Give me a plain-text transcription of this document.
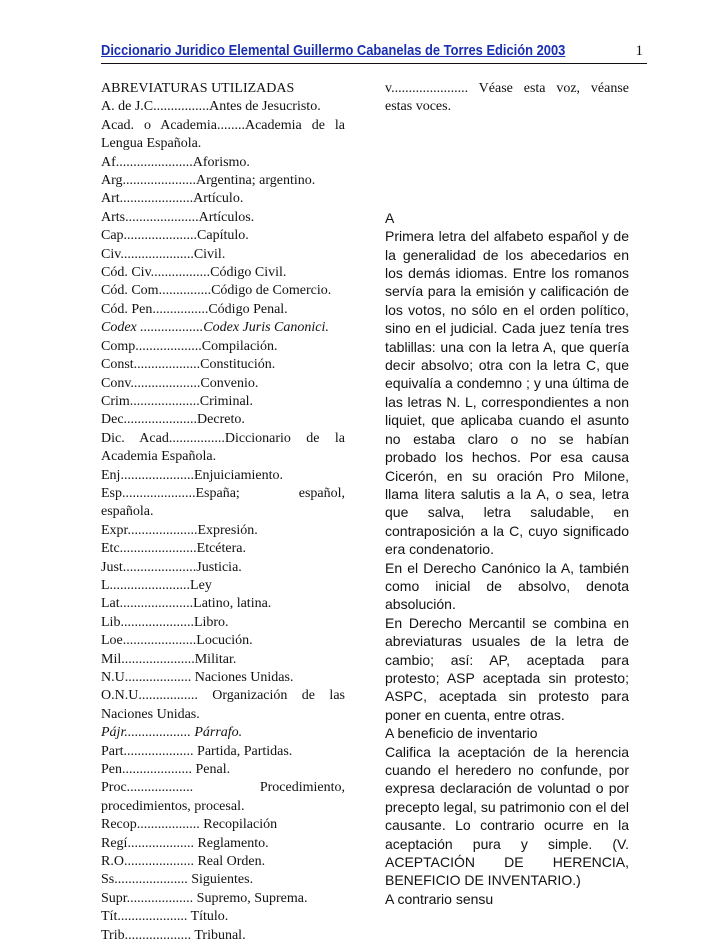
Diccionario Juridico Elemental Guillermo Cabanelas de Torres Edición 2003	1

ABREVIATURAS UTILIZADAS

A. de J.C................Antes de Jesucristo.

Acad. o Academia........Academia de la Lengua Española.

Af......................Aforismo.

Arg.....................Argentina; argentino.

Art.....................Artículo.

Arts.....................Artículos.

Cap.....................Capítulo.

Civ.....................Civil.

Cód. Civ.................Código Civil.

Cód. Com...............Código de Comercio.

Cód. Pen................Código Penal.

Codex ..................Codex Juris Canonici.

Comp...................Compilación.

Const...................Constitución.

Conv....................Convenio.

Crim....................Criminal.

Dec.....................Decreto.

Dic. Acad................Diccionario de la Academia Española.

Enj.....................Enjuiciamiento.

Esp.....................España; español, española.

Expr....................Expresión.

Etc......................Etcétera.

Just.....................Justicia.

L.......................Ley

Lat.....................Latino, latina.

Lib.....................Libro.

Loe.....................Locución.

Mil.....................Militar.

N.U................... Naciones Unidas.

O.N.U................. Organización de las Naciones Unidas.

Pájr................... Párrafo.

Part.................... Partida, Partidas.

Pen.................... Penal.

Proc................... Procedimiento, procedimientos, procesal.

Recop.................. Recopilación

Regí................... Reglamento.

R.O.................... Real Orden.

Ss..................... Siguientes.

Supr................... Supremo, Suprema.

Tít.................... Título.

Trib................... Tribunal.

v...................... Véase esta voz, véanse estas voces.

A

Primera letra del alfabeto español y de la generalidad de los abecedarios en los demás idiomas. Entre los romanos servía para la emisión y calificación de los votos, no sólo en el orden político, sino en el judicial. Cada juez tenía tres tablillas: una con la letra A, que quería decir absolvo; otra con la letra C, que equivalía a condemno ; y una última de las letras N. L, correspondientes a non liquiet, que aplicaba cuando el asunto no estaba claro o no se habían probado los hechos. Por esa causa Cicerón, en su oración Pro Milone, llama litera salutis a la A, o sea, letra que salva, letra saludable, en contraposición a la C, cuyo significado era condenatorio.

En el Derecho Canónico la A, también como inicial de absolvo, denota absolución.

En Derecho Mercantil se combina en abreviaturas usuales de la letra de cambio; así: AP, aceptada para protesto; ASP aceptada sin protesto; ASPC, aceptada sin protesto para poner en cuenta, entre otras.

A beneficio de inventario

Califica la aceptación de la herencia cuando el heredero no confunde, por expresa declaración de voluntad o por precepto legal, su patrimonio con el del causante. Lo contrario ocurre en la aceptación pura y simple. (V. ACEPTACIÓN DE HERENCIA, BENEFICIO DE INVENTARIO.)

A contrario sensu
